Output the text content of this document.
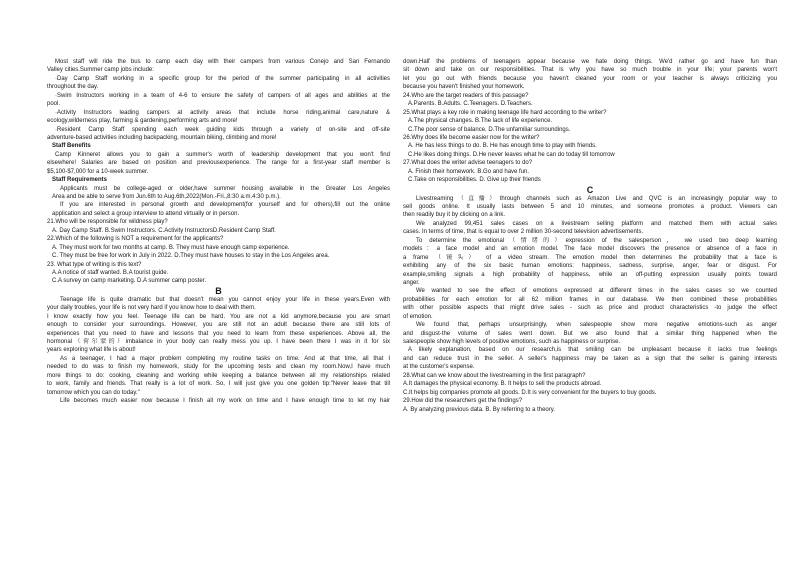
Most staff will ride the bus to camp each day with their campers from various Conejo and San Fernando
Valley cities.Summer camp jobs include:
·Day Camp Staff working in a specific group for the period of the summer participating in all activities
throughout the day.
·Swim Instructors working in a team of 4-6 to ensure the safety of campers of all ages and abilities at the
pool.
·Activity Instructors leading campers at activity areas that include horse riding,animal care,nature &
ecology,wilderness play, farming & gardening,performing arts and more!
·Resident Camp Staff spending each week guiding kids through a variety of on-site and off-site
adventure-based activities including backpacking, mountain biking, climbing and more!
Staff Benefits
Camp Kinneret allows you to gain a summer's worth of leadership development that you won't find
elsewhere! Salaries are based on position and previousexperience. The range for a first-year staff member is
$5,100-$7,000 for a 10-week summer.
Staff Requirements
Applicants must be college-aged or older,have summer housing available in the Greater Los Angeles
Area and be able to serve from Jun.6th to Aug.6th,2022(Mon.-Fri.,8:30 a.m.4:30 p.m.).
If you are interested in personal growth and development(for yourself and for others),fill out the online
application and select a group interview to attend virtually or in person.
21.Who will be responsible for wildness play?
A. Day Camp Staff. B.Swim Instructors. C.Activity InstructorsD.Resident Camp Staff.
22.Which of the following is NOT a requirement for the applicants?
A. They must work for two months at camp. B. They must have enough camp experience.
C. They must be free for work in July in 2022. D.They must have houses to stay in the Los Angeles area.
23. What type of writing is this text?
A.A notice of staff wanted. B.A tourist guide.
C.A survey on camp marketing. D.A summer camp poster.
B
Teenage life is quite dramatic but that doesn't mean you cannot enjoy your life in these years.Even with
your daily troubles, your life is not very hard if you know how to deal with them.
I know exactly how you feel. Teenage life can be hard. You are not a kid anymore,because you are smart
enough to consider your surroundings. However, you are still not an adult because there are still lots of
experiences that you need to have and lessons that you need to learn from these experiences. Above all, the
hormonal（荷尔蒙的）imbalance in your body can really mess you up. I have been there I was in it for six
years exploring what life is about!
As a teenager, I had a major problem completing my routine tasks on time. And at that time, all that I
needed to do was to finish my homework, study for the upcoming tests and clean my room.Now,I have much
more things to do: cooking, cleaning and working while keeping a balance between all my relationships related
to work, family and friends. That really is a lot of work. So, I will just give you one golden tip:"Never leave that till
tomorrow which you can do today."
Life becomes much easier now because I finish all my work on time and I have enough time to let my hair
down.Half the problems of teenagers appear because we hate doing things. We'd rather go and have fun than
sit down and take on our responsibilities. That is why you have so much trouble in your life; your parents won't
let you go out with friends because you haven't cleaned your room or your teacher is always criticizing you
because you haven't finished your homework.
24.Who are the target readers of this passage?
A.Parents. B.Adults. C.Teenagers. D.Teachers.
25.What plays a key role in making teenage life hard according to the writer?
A.The physical changes. B.The lack of life experience.
C.The poor sense of balance. D.The unfamiliar surroundings.
26.Why does life become easier now for the writer?
A. He has less things to do. B. He has enough time to play with friends.
C.He likes doing things. D.He never leaves what he can do today till tomorrow
27.What does the writer advise teenagers to do?
A. Finish their homework. B.Go and have fun.
C.Take on responsibilities. D. Give up their friends
C
Livestreaming（直播）through channels such as Amazon Live and QVC is an increasingly popular way to
sell goods online. It usually lasts between 5 and 10 minutes, and someone promotes a product. Viewers can
then readily buy it by clicking on a link.
We analyzed 99,451 sales cases on a livestream selling platform and matched them with actual sales
cases. In terms of time, that is equal to over 2 million 30-second television advertisements.
To determine the emotional（情绪的）expression of the salesperson， we used two deep learning
models：a face model and an emotion model. The face model discovers the presence or absence of a face in
a frame （镜头） of a video stream. The emotion model then determines the probability that a face is
exhibiting any of the six basic human emotions: happiness, sadness, surprise, anger, fear or disgust. For
example,smiling signals a high probability of happiness, while an off-putting expression usually points toward
anger.
We wanted to see the effect of emotions expressed at different times in the sales cases so we counted
probabilities for each emotion for all 62 million frames in our database. We then combined these probabilities
with other possible aspects that might drive sales - such as price and product characteristics -to judge the effect
of emotion.
We found that, perhaps unsurprisingly, when salespeople show more negative emotions-such as anger
and disgust-the volume of sales went down. But we also found that a similar thing happened when the
salespeople show high levels of positive emotions, such as happiness or surprise.
A likely explanation, based on our research,is that smiling can be unpleasant because it lacks true feelings
and can reduce trust in the seller. A seller's happiness may be taken as a sign that the seller is gaining interests
at the customer's expense.
28.What can we know about the livestreaming in the first paragraph?
A.It damages the physical economy. B. It helps to sell the products abroad.
C.It helps big companies promote all goods. D.It is very convenient for the buyers to buy goods.
29.How did the researchers get the findings?
A. By analyzing previous data. B. By referring to a theory.
